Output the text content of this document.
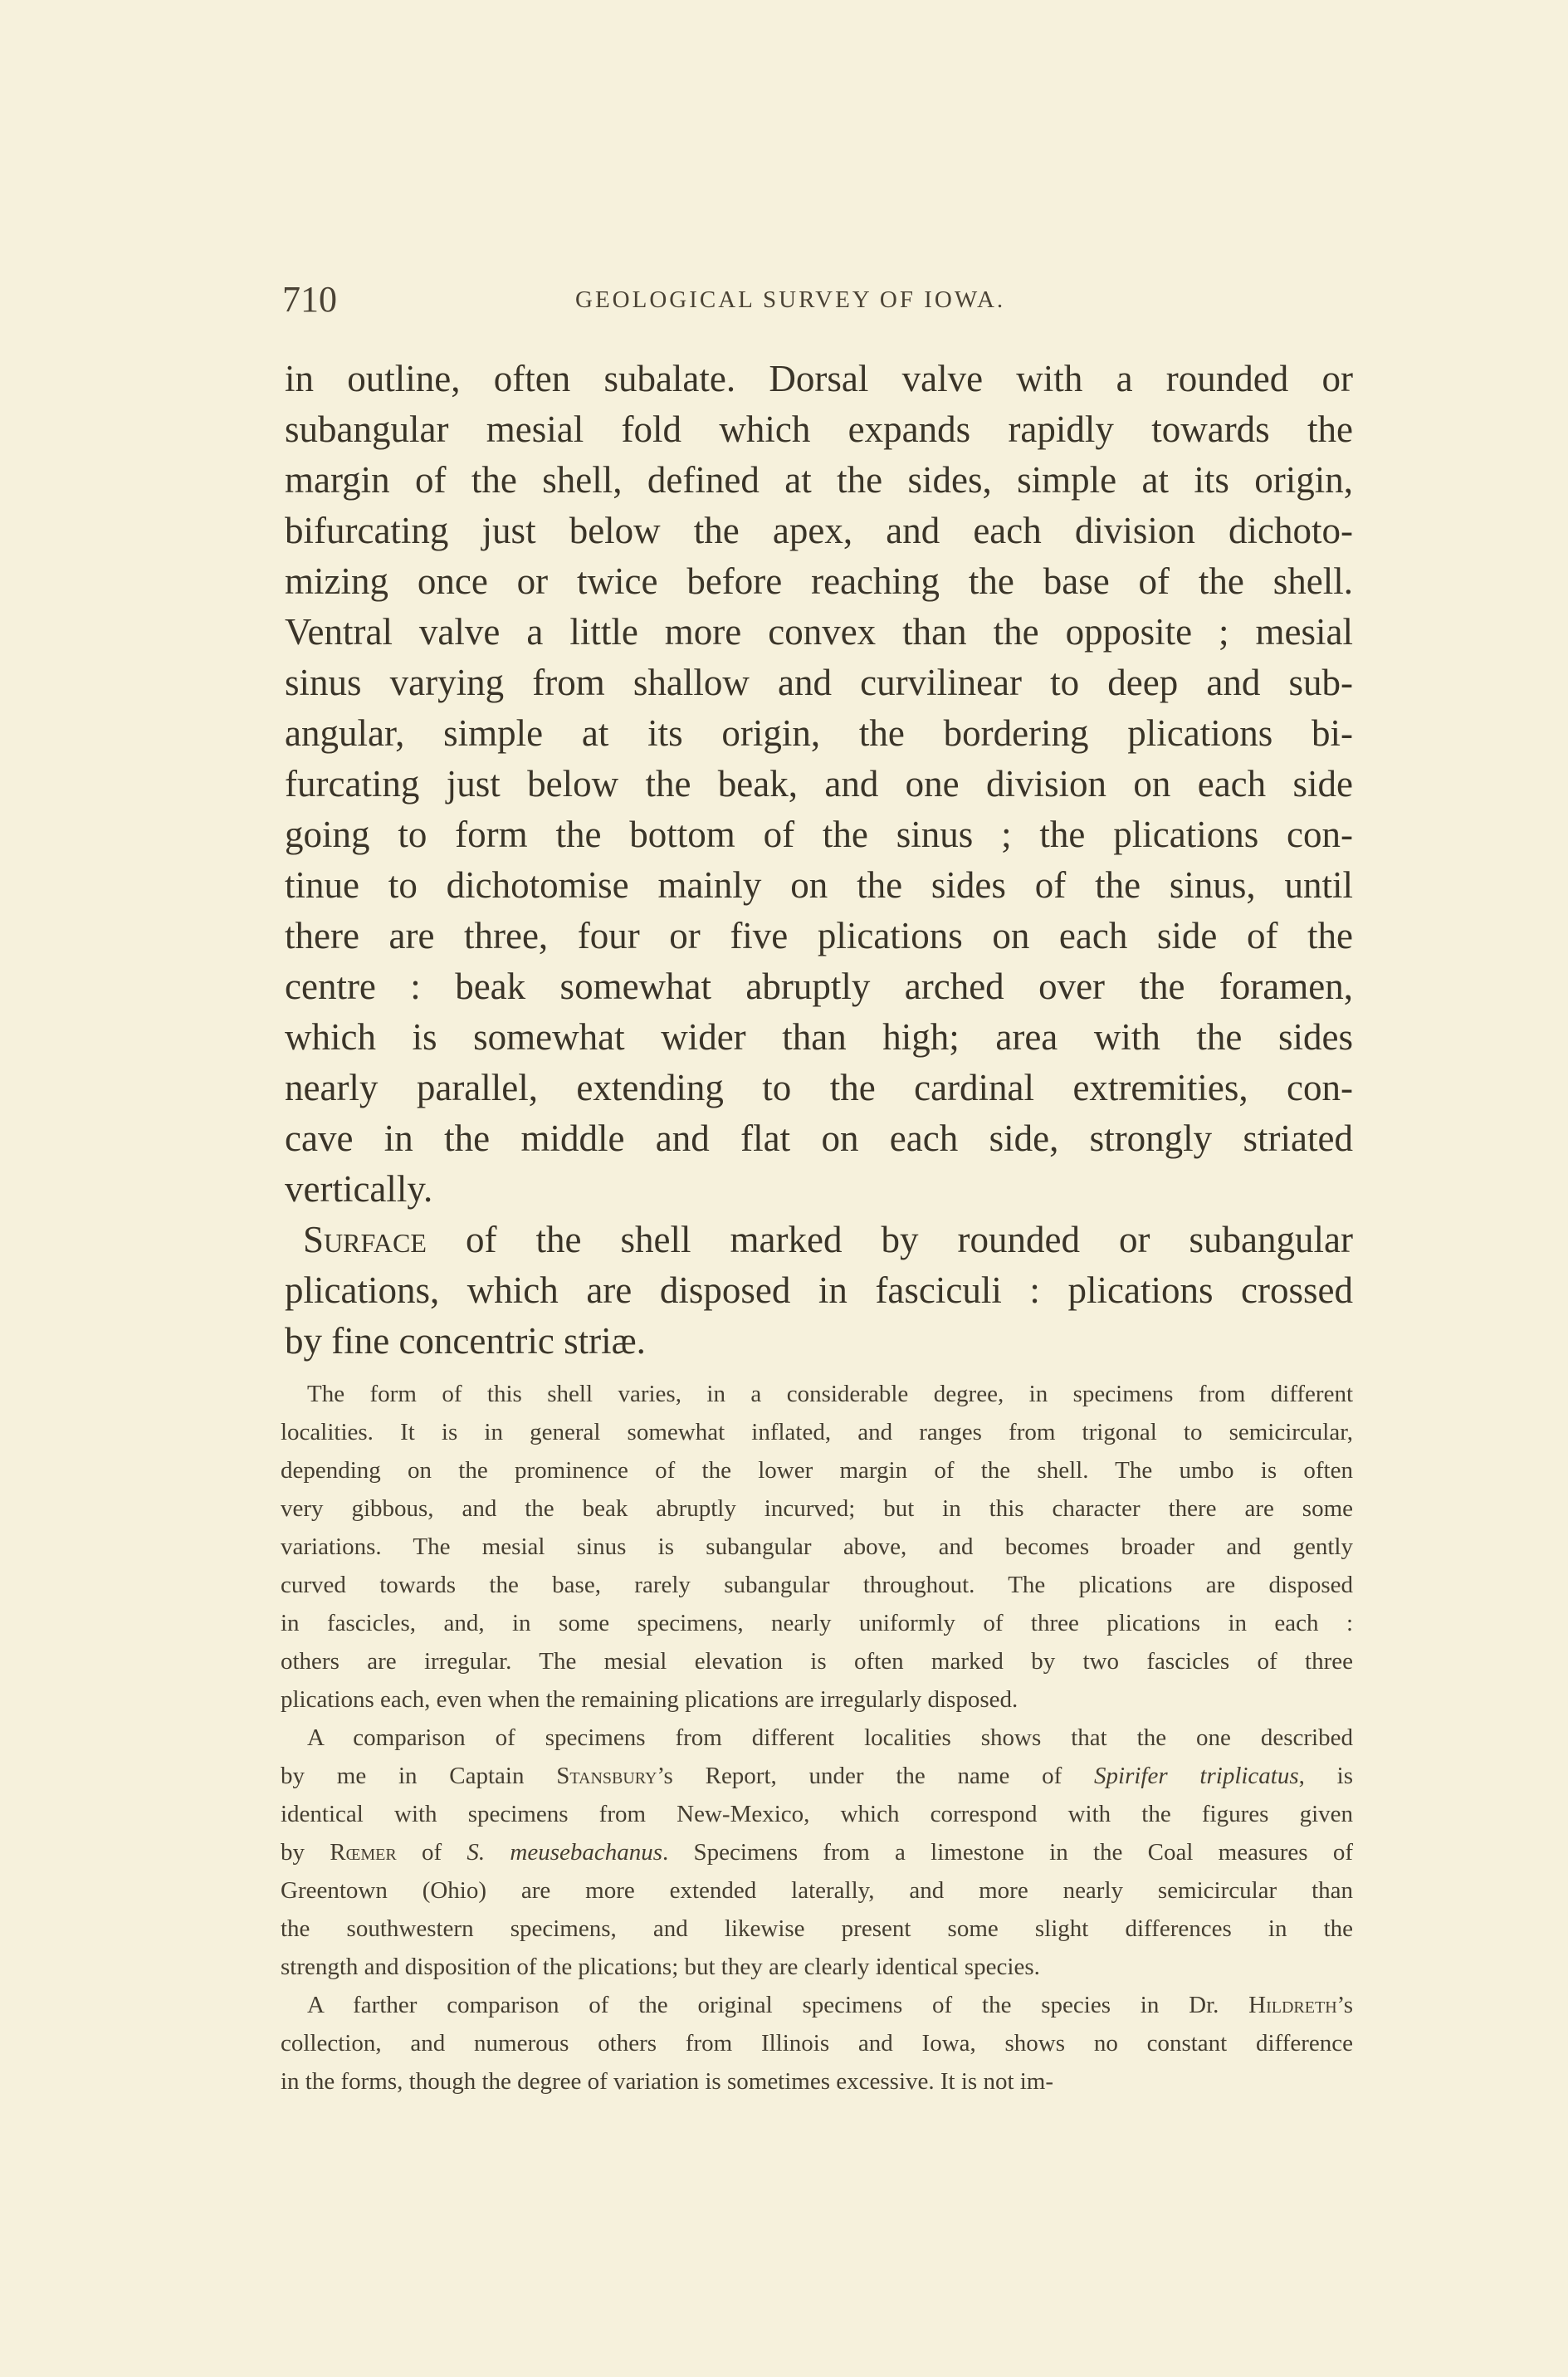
710	GEOLOGICAL SURVEY OF IOWA.
in outline, often subalate. Dorsal valve with a rounded or
subangular mesial fold which expands rapidly towards the
margin of the shell, defined at the sides, simple at its origin,
bifurcating just below the apex, and each division dichoto-
mizing once or twice before reaching the base of the shell.
Ventral valve a little more convex than the opposite ; mesial
sinus varying from shallow and curvilinear to deep and sub-
angular, simple at its origin, the bordering plications bi-
furcating just below the beak, and one division on each side
going to form the bottom of the sinus ; the plications con-
tinue to dichotomise mainly on the sides of the sinus, until
there are three, four or five plications on each side of the
centre : beak somewhat abruptly arched over the foramen,
which is somewhat wider than high; area with the sides
nearly parallel, extending to the cardinal extremities, con-
cave in the middle and flat on each side, strongly striated
vertically.
Surface of the shell marked by rounded or subangular
plications, which are disposed in fasciculi : plications crossed
by fine concentric striæ.
The form of this shell varies, in a considerable degree, in specimens from different
localities. It is in general somewhat inflated, and ranges from trigonal to semicircular,
depending on the prominence of the lower margin of the shell. The umbo is often
very gibbous, and the beak abruptly incurved; but in this character there are some
variations. The mesial sinus is subangular above, and becomes broader and gently
curved towards the base, rarely subangular throughout. The plications are disposed
in fascicles, and, in some specimens, nearly uniformly of three plications in each :
others are irregular. The mesial elevation is often marked by two fascicles of three
plications each, even when the remaining plications are irregularly disposed.
A comparison of specimens from different localities shows that the one described
by me in Captain Stansbury’s Report, under the name of Spirifer triplicatus, is
identical with specimens from New-Mexico, which correspond with the figures given
by Rœmer of S. meusebachanus. Specimens from a limestone in the Coal measures of
Greentown (Ohio) are more extended laterally, and more nearly semicircular than
the southwestern specimens, and likewise present some slight differences in the
strength and disposition of the plications; but they are clearly identical species.
A farther comparison of the original specimens of the species in Dr. Hildreth’s
collection, and numerous others from Illinois and Iowa, shows no constant difference
in the forms, though the degree of variation is sometimes excessive. It is not im-
